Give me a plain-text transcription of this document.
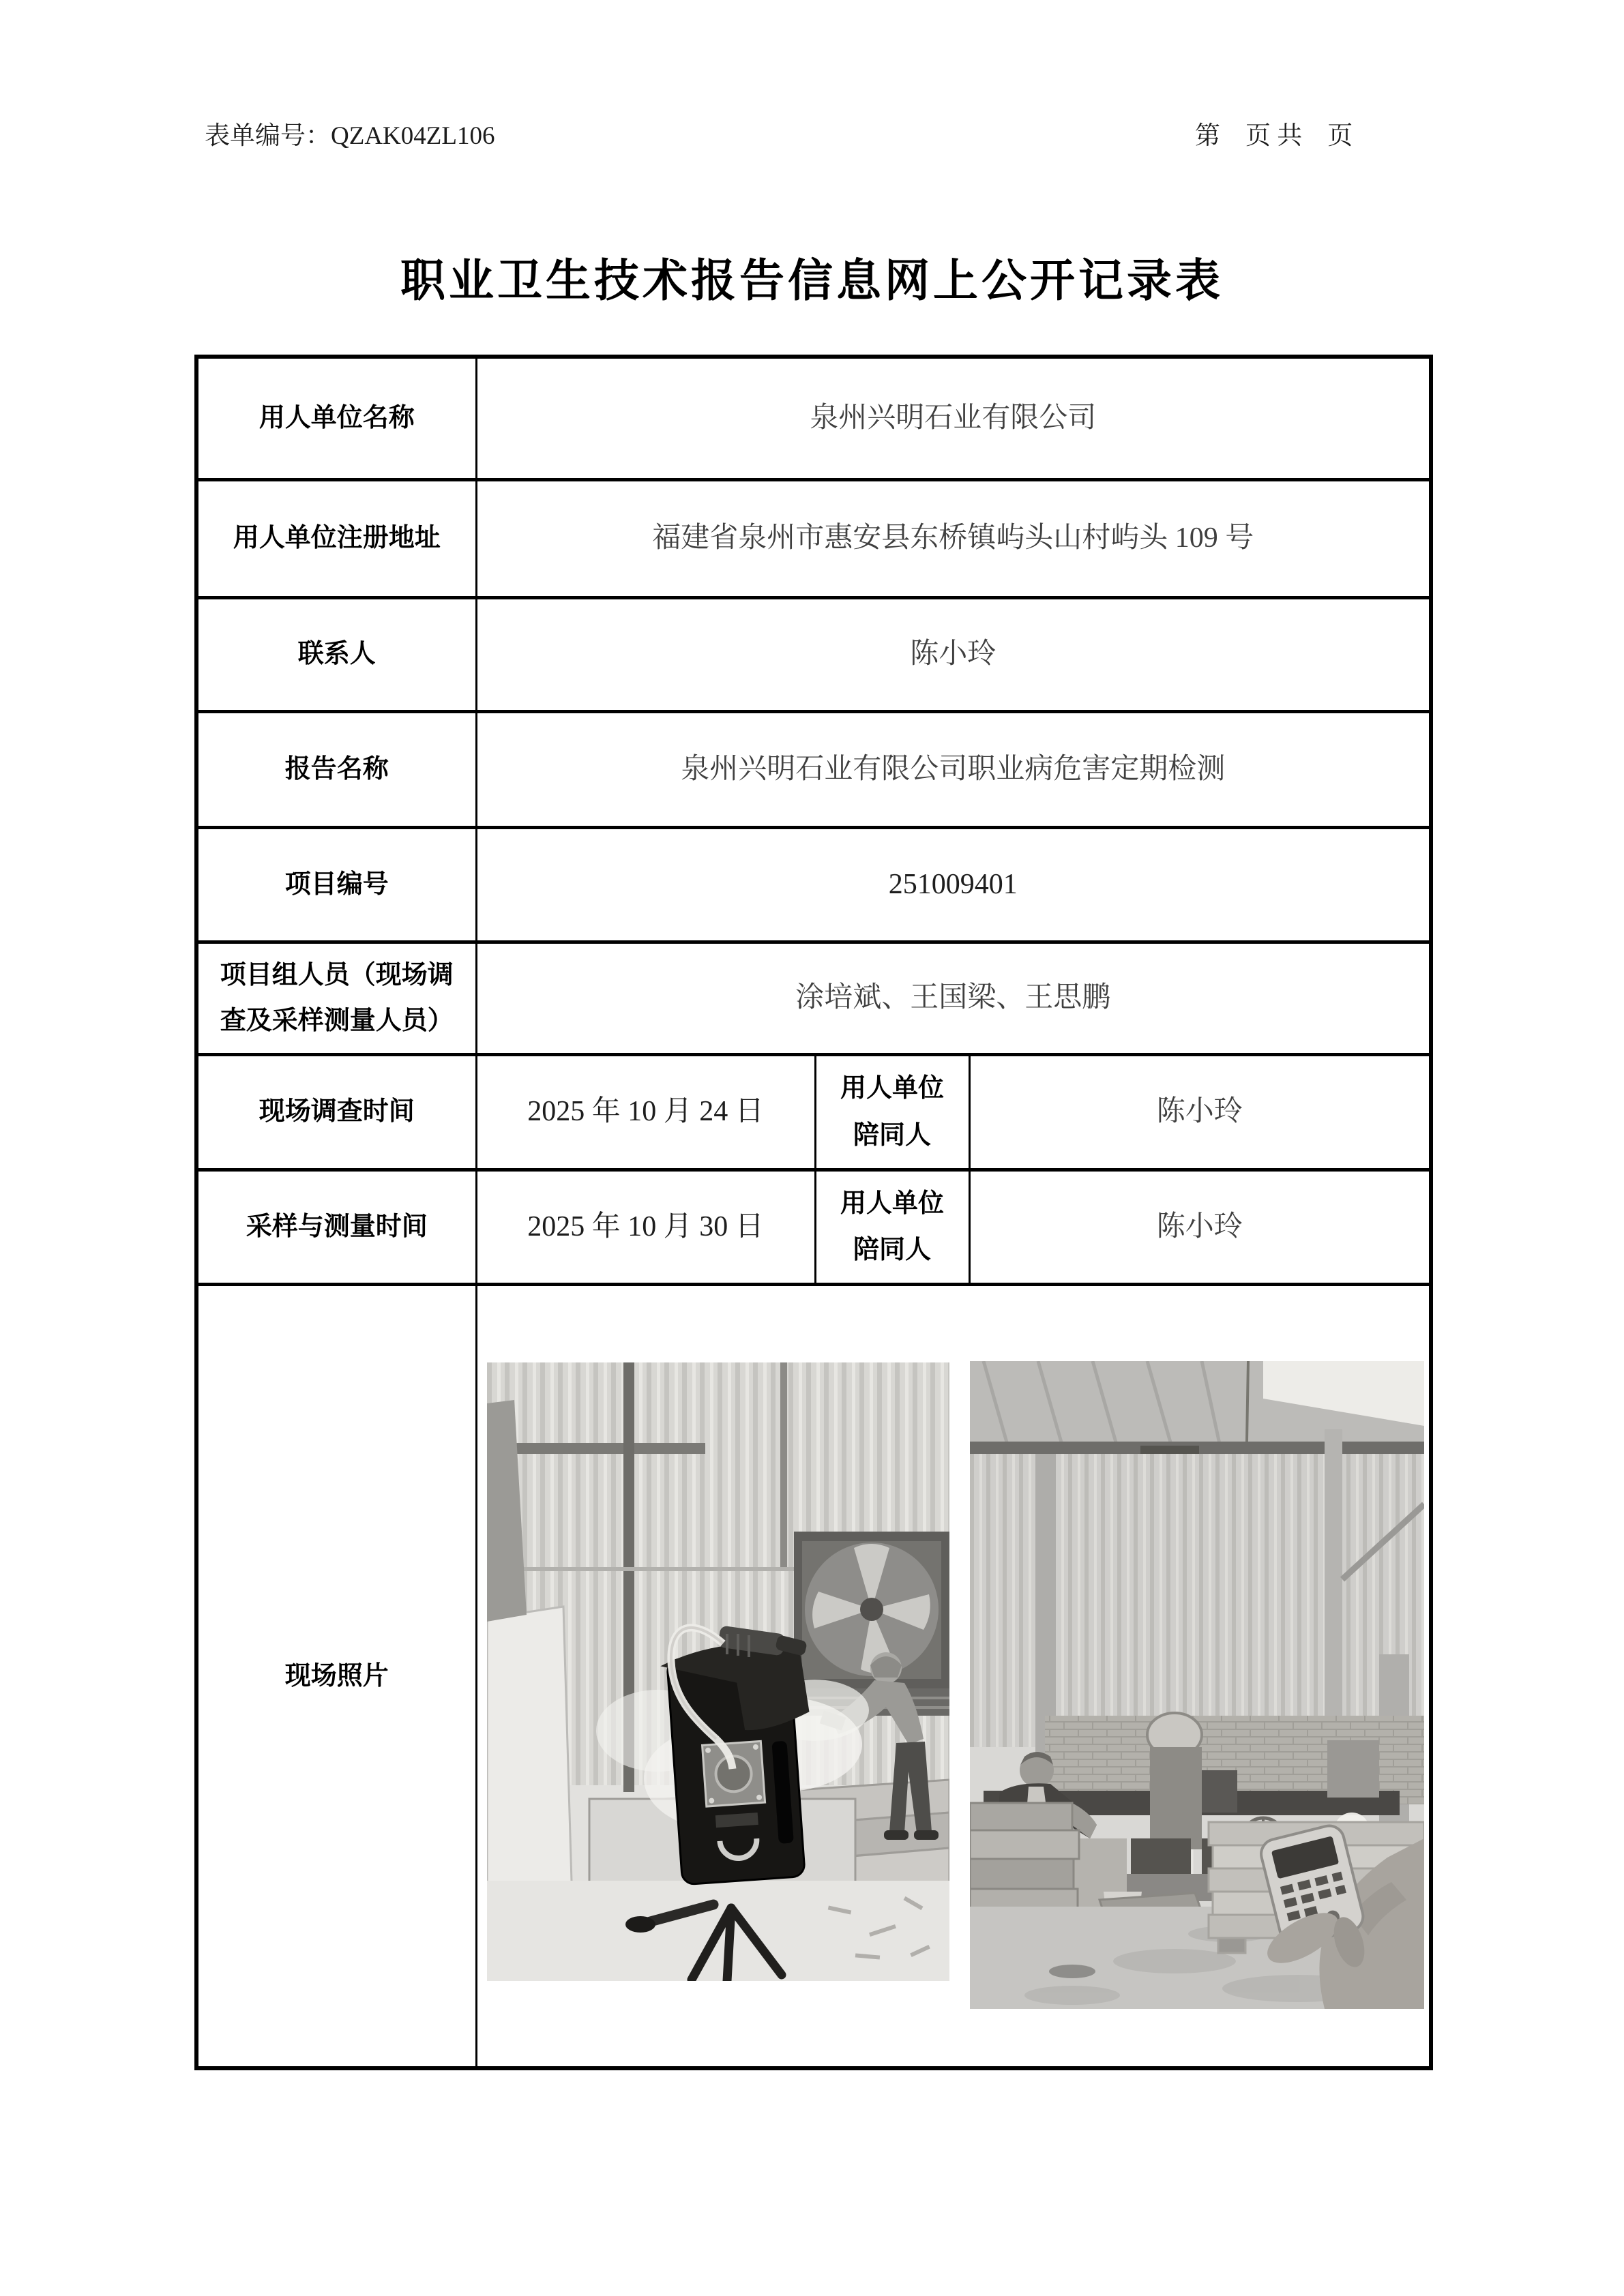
表单编号：QZAK04ZL106	第　页 共　页
职业卫生技术报告信息网上公开记录表
用人单位名称	泉州兴明石业有限公司		
用人单位注册地址	福建省泉州市惠安县东桥镇屿头山村屿头 109 号		
联系人	陈小玲		
报告名称	泉州兴明石业有限公司职业病危害定期检测		
项目编号	251009401		
项目组人员（现场调查及采样测量人员）	涂培斌、王国梁、王思鹏		
现场调查时间	2025 年 10 月 24 日	用人单位陪同人	陈小玲
采样与测量时间	2025 年 10 月 30 日	用人单位陪同人	陈小玲
现场照片	
